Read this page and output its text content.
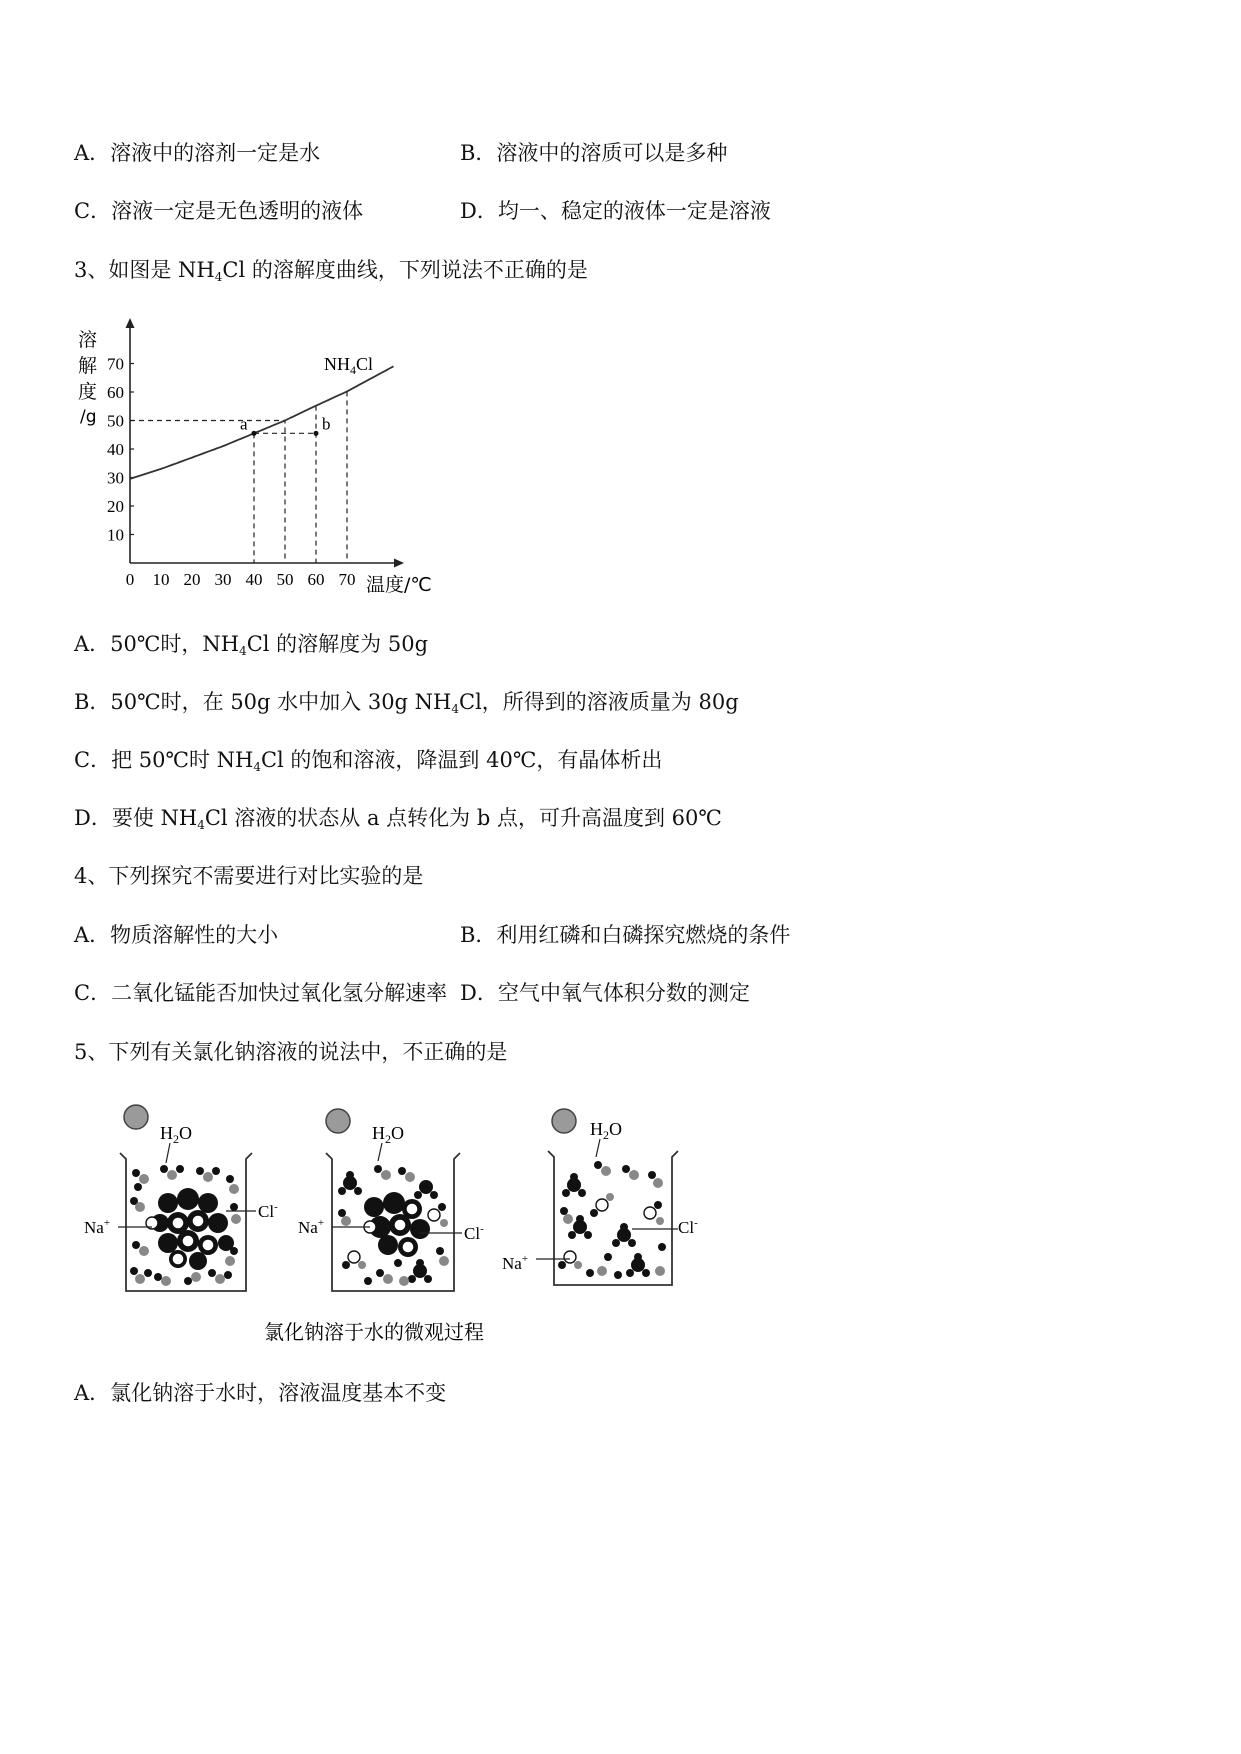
A．溶液中的溶剂一定是水	B．溶液中的溶质可以是多种
C．溶液一定是无色透明的液体	D．均一、稳定的液体一定是溶液
3、如图是 $NH_4Cl$ 的溶解度曲线，下列说法不正确的是
溶
解
度
/g
温度/℃
$NH_4Cl$
0 10 20 30 40 50 60 70
10
20
30
40
50
60
70
a	b
A．50℃时，$NH_4Cl$ 的溶解度为 50g
B．50℃时，在 50g 水中加入 30g $NH_4Cl$，所得到的溶液质量为 80g
C．把 50℃时 $NH_4Cl$ 的饱和溶液，降温到 40℃，有晶体析出
D．要使 $NH_4Cl$ 溶液的状态从 a 点转化为 b 点，可升高温度到 60℃
4、下列探究不需要进行对比实验的是
A．物质溶解性的大小	B．利用红磷和白磷探究燃烧的条件
C．二氧化锰能否加快过氧化氢分解速率 D．空气中氧气体积分数的测定
5、下列有关氯化钠溶液的说法中，不正确的是
$H_2O$
Na+
Cl-
$H_2O$
Na+
Cl-
$H_2O$
Na+
Cl-
氯化钠溶于水的微观过程
A．氯化钠溶于水时，溶液温度基本不变
